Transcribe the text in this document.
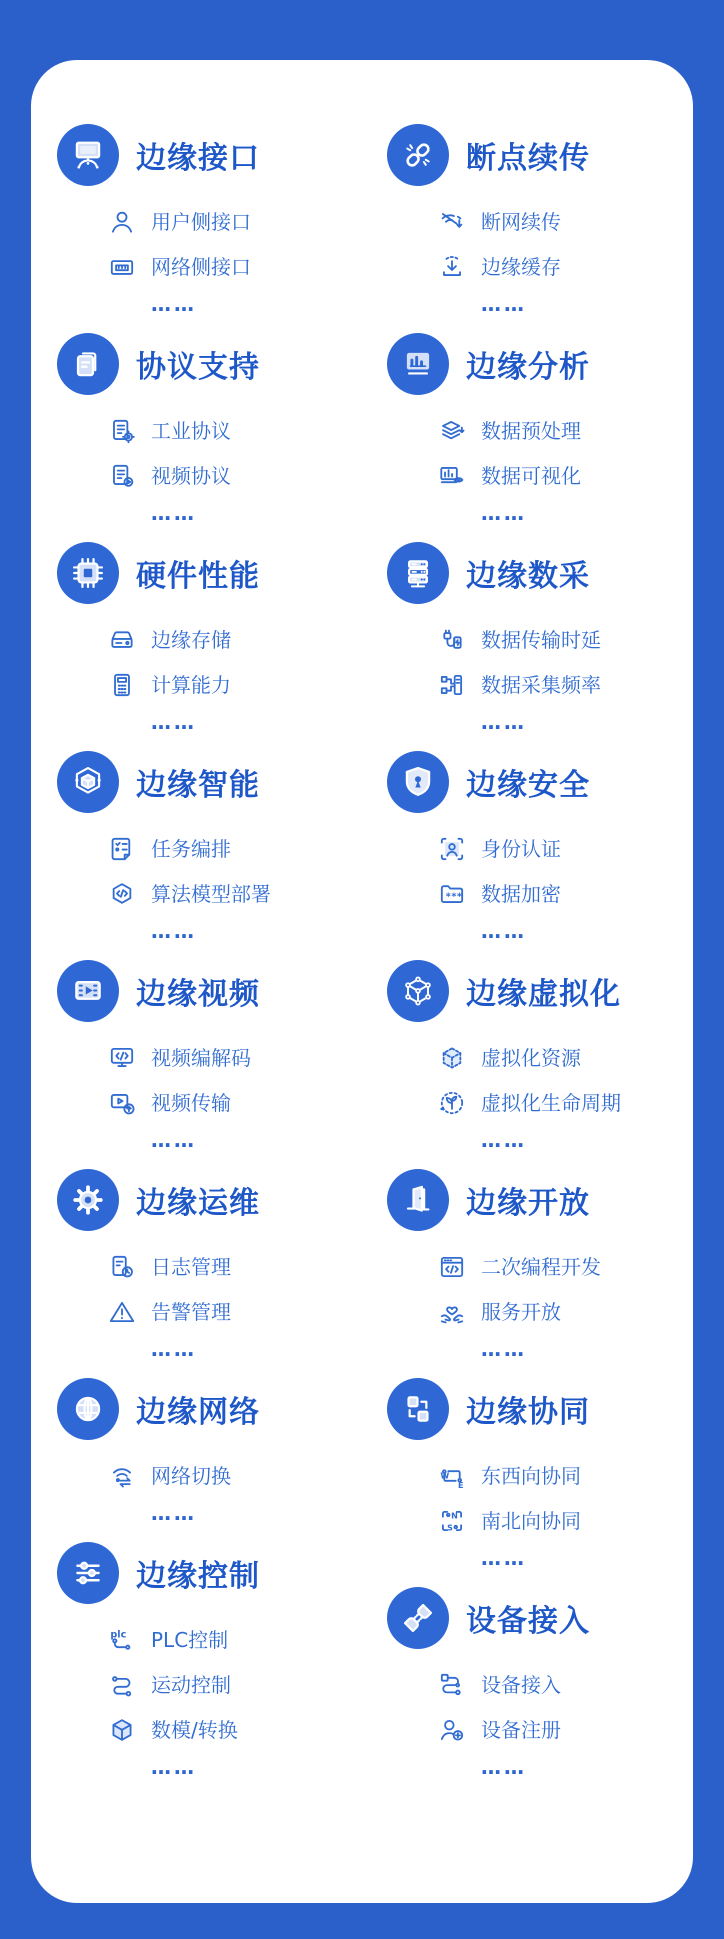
边缘接口
用户侧接口
网络侧接口
……
协议支持
工业协议
视频协议
……
硬件性能
边缘存储
计算能力
……
边缘智能
任务编排
算法模型部署
……
边缘视频
视频编解码
视频传输
……
边缘运维
日志管理
告警管理
……
边缘网络
网络切换
……
边缘控制
plc PLC控制
运动控制
数模/转换
……
断点续传
断网续传
边缘缓存
……
边缘分析
数据预处理
数据可视化
……
边缘数采
数据传输时延
数据采集频率
……
边缘安全
身份认证
*** 数据加密
……
边缘虚拟化
虚拟化资源
虚拟化生命周期
……
边缘开放
二次编程开发
服务开放
……
边缘协同
W
E 东西向协同
N
S 南北向协同
……
设备接入
设备接入
设备注册
……
